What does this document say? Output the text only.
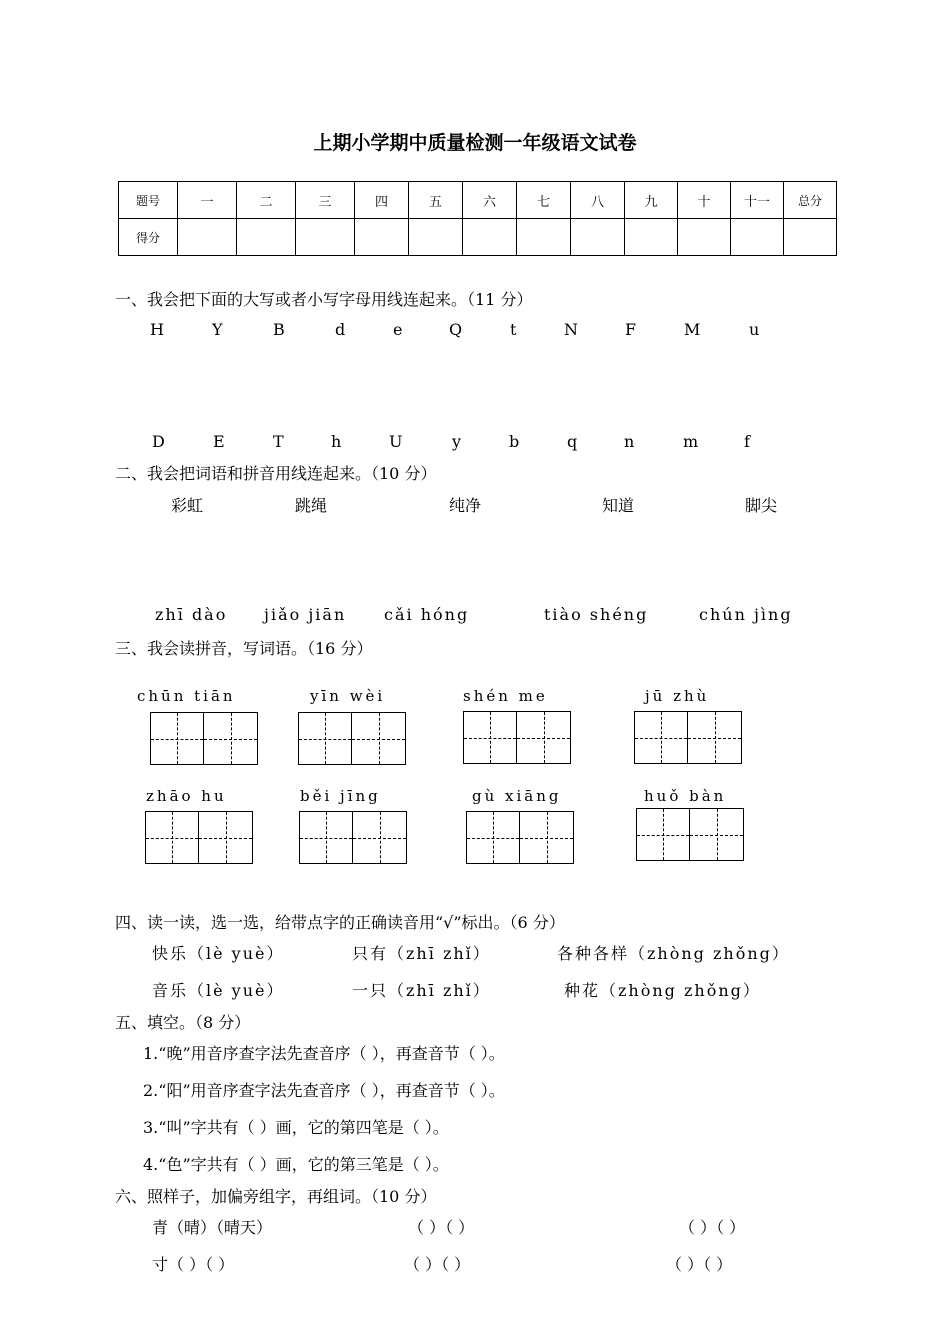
上期小学期中质量检测一年级语文试卷
题号	一	二	三	四	五	六	七	八	九	十	十一	总分
得分												
一、我会把下面的大写或者小写字母用线连起来。（11 分）
H	Y	B	d	e	Q	t	N	F	M	u
D	E	T	h	U	y	b	q	n	m	f
二、我会把词语和拼音用线连起来。（10 分）
彩虹	跳绳	纯净	知道	脚尖
zhī dào jiǎo jiān cǎi hóng	tiào shéng	chún jìng
三、我会读拼音，写词语。（16 分）
chūn tiān	yīn wèi	shén me	jū zhù
zhāo hu	běi jīng	gù xiāng	huǒ bàn
四、读一读，选一选，给带点字的正确读音用“√”标出。（6 分）
快乐（lè yuè）	只有（zhī zhǐ）	各种各样（zhòng zhǒng）
音乐（lè yuè）	一只（zhī zhǐ）	种花（zhòng zhǒng）
五、填空。（8 分）
1.“晚”用音序查字法先查音序（ ），再查音节（ ）。
2.“阳”用音序查字法先查音序（ ），再查音节（ ）。
3.“叫”字共有（ ）画，它的第四笔是（ ）。
4.“色”字共有（ ）画，它的第三笔是（ ）。
六、照样子，加偏旁组字，再组词。（10 分）
青（晴）（晴天）	（ ）（ ）	（ ）（ ）
寸（ ）（ ）	（ ）（ ）	（ ）（ ）
